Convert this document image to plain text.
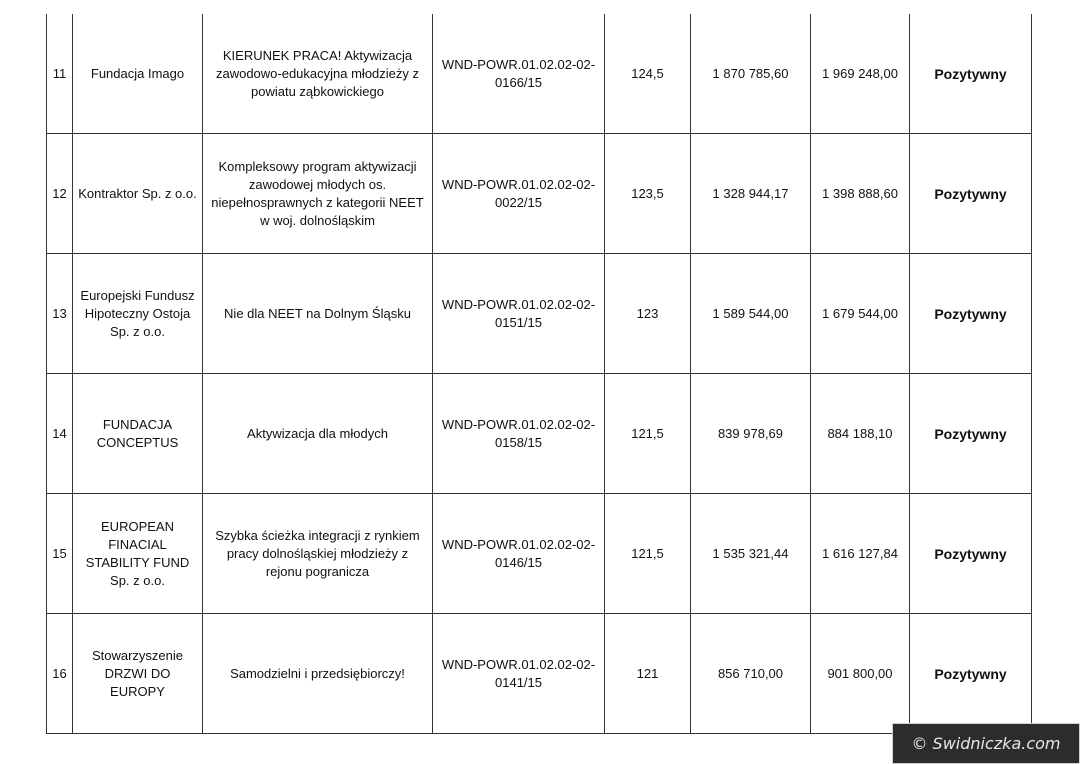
11	Fundacja Imago	KIERUNEK PRACA! Aktywizacja zawodowo-edukacyjna młodzieży z powiatu ząbkowickiego	WND-POWR.01.02.02-02-0166/15	124,5	1 870 785,60	1 969 248,00	Pozytywny
12	Kontraktor Sp. z o.o.	Kompleksowy program aktywizacji zawodowej młodych os. niepełnosprawnych z kategorii NEET w woj. dolnośląskim	WND-POWR.01.02.02-02-0022/15	123,5	1 328 944,17	1 398 888,60	Pozytywny
13	Europejski Fundusz Hipoteczny Ostoja Sp. z o.o.	Nie dla NEET na Dolnym Śląsku	WND-POWR.01.02.02-02-0151/15	123	1 589 544,00	1 679 544,00	Pozytywny
14	FUNDACJA CONCEPTUS	Aktywizacja dla młodych	WND-POWR.01.02.02-02-0158/15	121,5	839 978,69	884 188,10	Pozytywny
15	EUROPEAN FINACIAL STABILITY FUND Sp. z o.o.	Szybka ścieżka integracji z rynkiem pracy dolnośląskiej młodzieży z rejonu pogranicza	WND-POWR.01.02.02-02-0146/15	121,5	1 535 321,44	1 616 127,84	Pozytywny
16	Stowarzyszenie DRZWI DO EUROPY	Samodzielni i przedsiębiorczy!	WND-POWR.01.02.02-02-0141/15	121	856 710,00	901 800,00	Pozytywny
© Swidniczka.com
